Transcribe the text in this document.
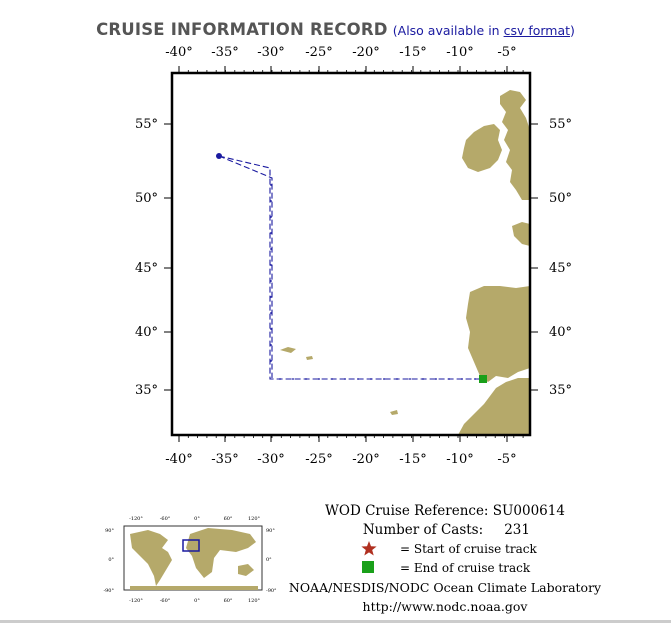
CRUISE INFORMATION RECORD (Also available in csv format)
-40° -35° -30° -25° -20° -15° -10° -5°
-40° -35° -30° -25° -20° -15° -10° -5°
55°
50°
45°
40°
35°
55°
50°
45°
40°
35°
-120°	-60°	0°	60°	120°
-120°	-60°	0°	60°	120°
90°
0°
-90°
90°
0°
-90°
WOD Cruise Reference: SU000614
Number of Casts: 231
= Start of cruise track
= End of cruise track
NOAA/NESDIS/NODC Ocean Climate Laboratory
http://www.nodc.noaa.gov
